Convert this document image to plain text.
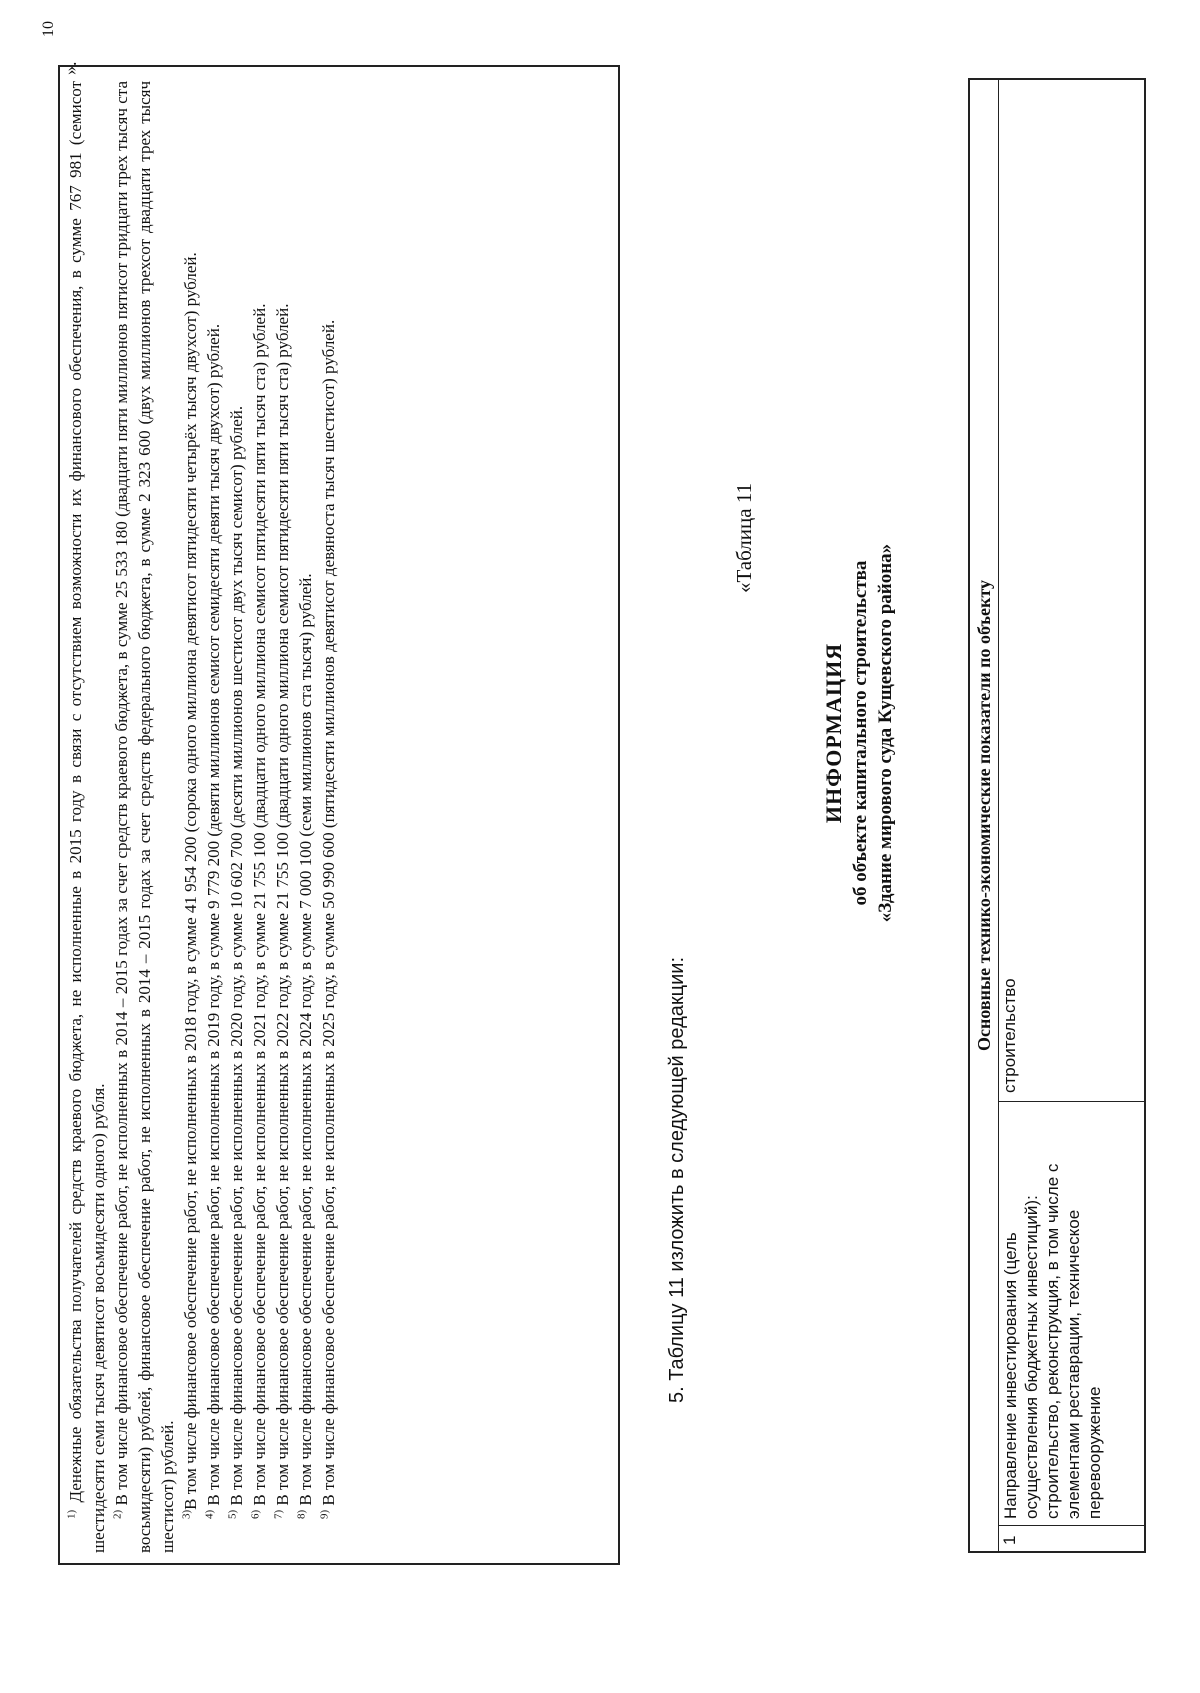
10
».

$^{1)}$ Денежные обязательства получателей средств краевого бюджета, не исполненные в 2015 году в связи с отсутствием возможности их финансового обеспечения, в сумме 767 981 (семисот шестидесяти семи тысяч девятисот восьмидесяти одного) рубля. $^{2)}$ В том числе финансовое обеспечение работ, не исполненных в 2014 – 2015 годах за счет средств краевого бюджета, в сумме 25 533 180 (двадцати пяти миллионов пятисот тридцати трех тысяч ста восьмидесяти) рублей, финансовое обеспечение работ, не исполненных в 2014 – 2015 годах за счет средств федерального бюджета, в сумме 2 323 600 (двух миллионов трехсот двадцати трех тысяч шестисот) рублей. $^{3)}$В том числе финансовое обеспечение работ, не исполненных в 2018 году, в сумме 41 954 200 (сорока одного миллиона девятисот пятидесяти четырёх тысяч двухсот) рублей.

$^{4)}$ В том числе финансовое обеспечение работ, не исполненных в 2019 году, в сумме 9 779 200 (девяти миллионов семисот семидесяти девяти тысяч двухсот) рублей.

$^{5)}$ В том числе финансовое обеспечение работ, не исполненных в 2020 году, в сумме 10 602 700 (десяти миллионов шестисот двух тысяч семисот) рублей.

$^{6)}$ В том числе финансовое обеспечение работ, не исполненных в 2021 году, в сумме 21 755 100 (двадцати одного миллиона семисот пятидесяти пяти тысяч ста) рублей.

$^{7)}$ В том числе финансовое обеспечение работ, не исполненных в 2022 году, в сумме 21 755 100 (двадцати одного миллиона семисот пятидесяти пяти тысяч ста) рублей.

$^{8)}$ В том числе финансовое обеспечение работ, не исполненных в 2024 году, в сумме 7 000 100 (семи миллионов ста тысяч) рублей.

$^{9)}$ В том числе финансовое обеспечение работ, не исполненных в 2025 году, в сумме 50 990 600 (пятидесяти миллионов девятисот девяноста тысяч шестисот) рублей.	5. Таблицу 11 изложить в следующей редакции:
«Таблица 11
ИНФОРМАЦИЯ об объекте капитального строительства «Здание мирового суда Кущевского района»	Основные технико-экономические показатели по объекту
1
Направление инвестирования (цель осуществления бюджетных инвестиций): строительство, реконструкция, в том числе с элементами реставрации, техническое перевооружение
строительство
